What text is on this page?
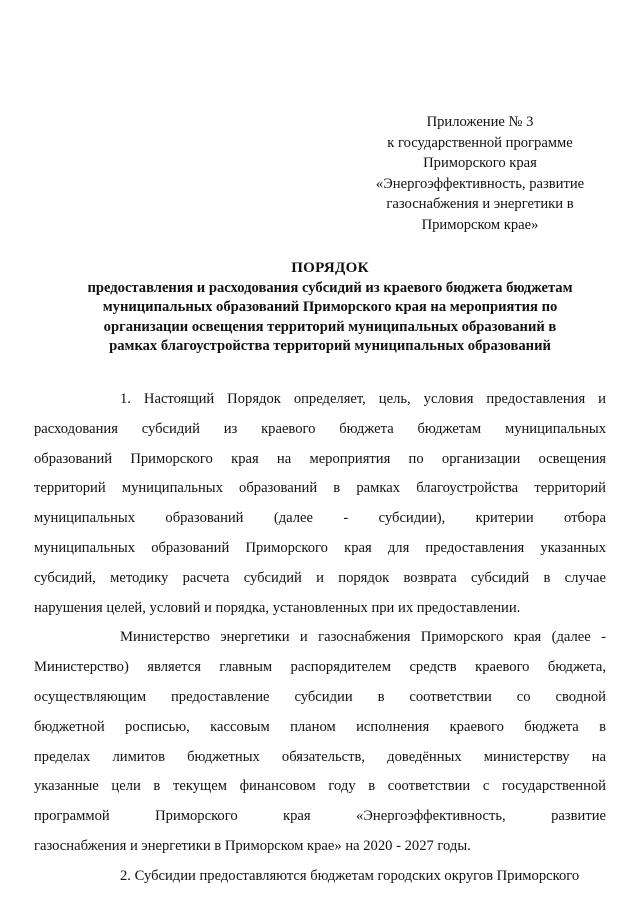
Приложение № 3
к государственной программе
Приморского края
«Энергоэффективность, развитие
газоснабжения и энергетики в
Приморском крае»
ПОРЯДОК
предоставления и расходования субсидий из краевого бюджета бюджетам
муниципальных образований Приморского края на мероприятия по
организации освещения территорий муниципальных образований в
рамках благоустройства территорий муниципальных образований

1. Настоящий Порядок определяет, цель, условия предоставления и
расходования субсидий из краевого бюджета бюджетам муниципальных
образований Приморского края на мероприятия по организации освещения
территорий муниципальных образований в рамках благоустройства территорий
муниципальных образований (далее - субсидии), критерии отбора
муниципальных образований Приморского края для предоставления указанных
субсидий, методику расчета субсидий и порядок возврата субсидий в случае
нарушения целей, условий и порядка, установленных при их предоставлении.

Министерство энергетики и газоснабжения Приморского края (далее -
Министерство) является главным распорядителем средств краевого бюджета,
осуществляющим предоставление субсидии в соответствии со сводной
бюджетной росписью, кассовым планом исполнения краевого бюджета в
пределах лимитов бюджетных обязательств, доведённых министерству на
указанные цели в текущем финансовом году в соответствии с государственной
программой Приморского края «Энергоэффективность, развитие
газоснабжения и энергетики в Приморском крае» на 2020 - 2027 годы.

2. Субсидии предоставляются бюджетам городских округов Приморского
